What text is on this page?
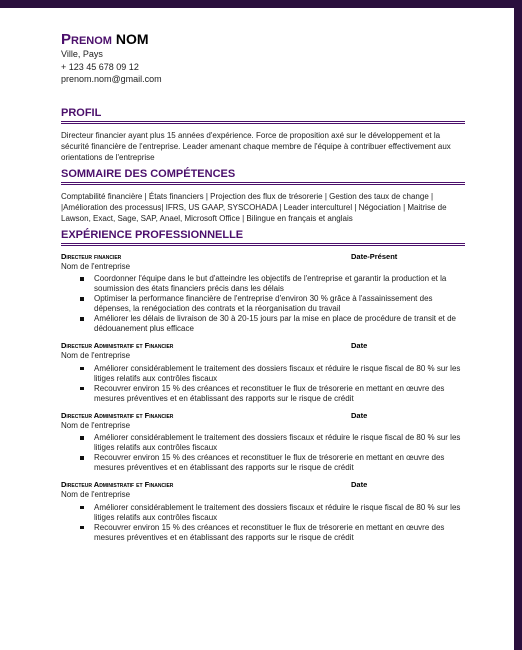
Prenom NOM

Ville, Pays

+ 123 45 678 09 12

prenom.nom@gmail.com

PROFIL

Directeur financier ayant plus 15 années d'expérience. Force de proposition axé sur le développement et la sécurité financière de l'entreprise. Leader amenant chaque membre de l'équipe à contribuer effectivement aux orientations de l'entreprise

SOMMAIRE DES COMPÉTENCES

Comptabilité financière | États financiers | Projection des flux de trésorerie | Gestion des taux de change | |Amélioration des processus| IFRS, US GAAP, SYSCOHADA | Leader interculturel | Négociation | Maitrise de Lawson, Exact, Sage, SAP, Anael, Microsoft Office | Bilingue en français et anglais

EXPÉRIENCE PROFESSIONNELLE

Directeur financier	Date-Présent

Nom de l'entreprise

Coordonner l'équipe dans le but d'atteindre les objectifs de l'entreprise et garantir la production et la soumission des états financiers précis dans les délais
Optimiser la performance financière de l'entreprise d'environ 30 % grâce à l'assainissement des dépenses, la renégociation des contrats et la réorganisation du travail
Améliorer les délais de livraison de 30 à 20-15 jours par la mise en place de procédure de transit et de dédouanement plus efficace
Directeur Administratif et Financier	Date

Nom de l'entreprise

Améliorer considérablement le traitement des dossiers fiscaux et réduire le risque fiscal de 80 % sur les litiges relatifs aux contrôles fiscaux
Recouvrer environ 15 % des créances et reconstituer le flux de trésorerie en mettant en œuvre des mesures préventives et en établissant des rapports sur le risque de crédit
Directeur Administratif et Financier	Date

Nom de l'entreprise

Améliorer considérablement le traitement des dossiers fiscaux et réduire le risque fiscal de 80 % sur les litiges relatifs aux contrôles fiscaux
Recouvrer environ 15 % des créances et reconstituer le flux de trésorerie en mettant en œuvre des mesures préventives et en établissant des rapports sur le risque de crédit
Directeur Administratif et Financier	Date

Nom de l'entreprise

Améliorer considérablement le traitement des dossiers fiscaux et réduire le risque fiscal de 80 % sur les litiges relatifs aux contrôles fiscaux
Recouvrer environ 15 % des créances et reconstituer le flux de trésorerie en mettant en œuvre des mesures préventives et en établissant des rapports sur le risque de crédit
